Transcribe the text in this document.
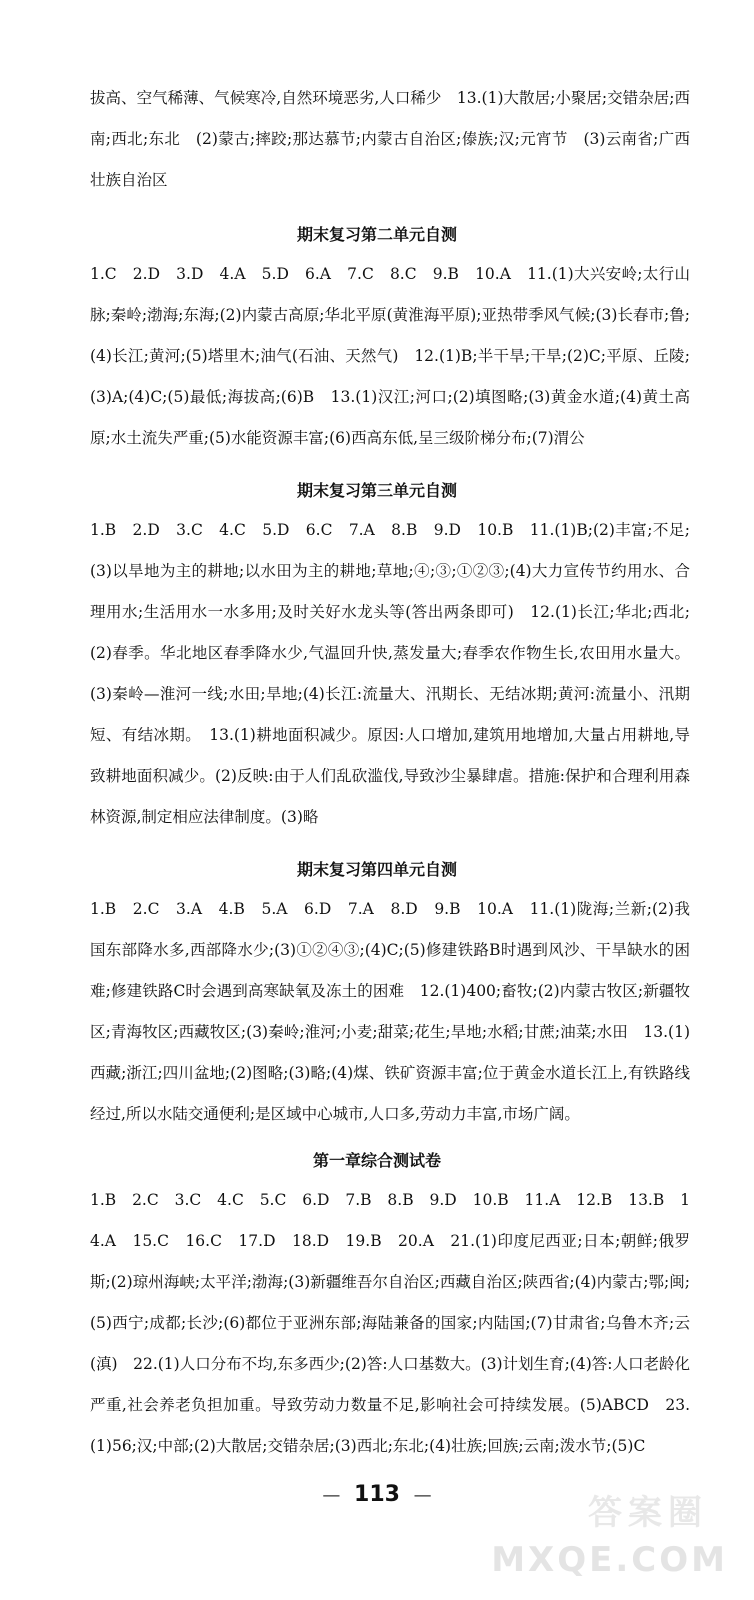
拔高、空气稀薄、气候寒冷,自然环境恶劣,人口稀少　13.(1)大散居;小聚居;交错杂居;西南;西北;东北　(2)蒙古;摔跤;那达慕节;内蒙古自治区;傣族;汉;元宵节　(3)云南省;广西壮族自治区

期末复习第二单元自测

1.C　2.D　3.D　4.A　5.D　6.A　7.C　8.C　9.B　10.A　11.(1)大兴安岭;太行山脉;秦岭;渤海;东海;(2)内蒙古高原;华北平原(黄淮海平原);亚热带季风气候;(3)长春市;鲁;(4)长江;黄河;(5)塔里木;油气(石油、天然气)　12.(1)B;半干旱;干旱;(2)C;平原、丘陵;(3)A;(4)C;(5)最低;海拔高;(6)B　13.(1)汉江;河口;(2)填图略;(3)黄金水道;(4)黄土高原;水土流失严重;(5)水能资源丰富;(6)西高东低,呈三级阶梯分布;(7)渭公

期末复习第三单元自测

1.B　2.D　3.C　4.C　5.D　6.C　7.A　8.B　9.D　10.B　11.(1)B;(2)丰富;不足;(3)以旱地为主的耕地;以水田为主的耕地;草地;④;③;①②③;(4)大力宣传节约用水、合理用水;生活用水一水多用;及时关好水龙头等(答出两条即可)　12.(1)长江;华北;西北;(2)春季。华北地区春季降水少,气温回升快,蒸发量大;春季农作物生长,农田用水量大。(3)秦岭—淮河一线;水田;旱地;(4)长江:流量大、汛期长、无结冰期;黄河:流量小、汛期短、有结冰期。　13.(1)耕地面积减少。原因:人口增加,建筑用地增加,大量占用耕地,导致耕地面积减少。(2)反映:由于人们乱砍滥伐,导致沙尘暴肆虐。措施:保护和合理利用森林资源,制定相应法律制度。(3)略

期末复习第四单元自测

1.B　2.C　3.A　4.B　5.A　6.D　7.A　8.D　9.B　10.A　11.(1)陇海;兰新;(2)我国东部降水多,西部降水少;(3)①②④③;(4)C;(5)修建铁路B时遇到风沙、干旱缺水的困难;修建铁路C时会遇到高寒缺氧及冻土的困难　12.(1)400;畜牧;(2)内蒙古牧区;新疆牧区;青海牧区;西藏牧区;(3)秦岭;淮河;小麦;甜菜;花生;旱地;水稻;甘蔗;油菜;水田　13.(1)西藏;浙江;四川盆地;(2)图略;(3)略;(4)煤、铁矿资源丰富;位于黄金水道长江上,有铁路线经过,所以水陆交通便利;是区域中心城市,人口多,劳动力丰富,市场广阔。

第一章综合测试卷

1.B　2.C　3.C　4.C　5.C　6.D　7.B　8.B　9.D　10.B　11.A　12.B　13.B　14.A　15.C　16.C　17.D　18.D　19.B　20.A　21.(1)印度尼西亚;日本;朝鲜;俄罗斯;(2)琼州海峡;太平洋;渤海;(3)新疆维吾尔自治区;西藏自治区;陕西省;(4)内蒙古;鄂;闽;(5)西宁;成都;长沙;(6)都位于亚洲东部;海陆兼备的国家;内陆国;(7)甘肃省;乌鲁木齐;云(滇)　22.(1)人口分布不均,东多西少;(2)答:人口基数大。(3)计划生育;(4)答:人口老龄化严重,社会养老负担加重。导致劳动力数量不足,影响社会可持续发展。(5)ABCD　23.(1)56;汉;中部;(2)大散居;交错杂居;(3)西北;东北;(4)壮族;回族;云南;泼水节;(5)C

— 113 —	答案圈
MXQE.COM
